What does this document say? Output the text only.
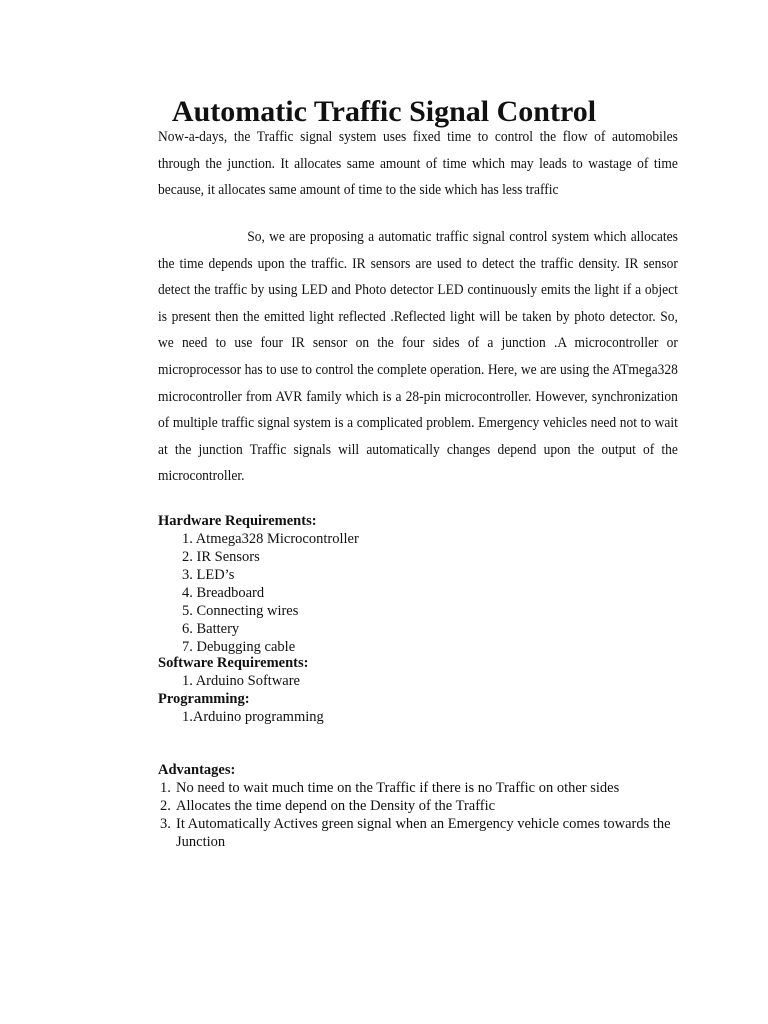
Automatic Traffic Signal Control

Now-a-days, the Traffic signal system uses fixed time to control the flow of automobiles through the junction. It allocates same amount of time which may leads to wastage of time because, it allocates same amount of time to the side which has less traffic

So, we are proposing a automatic traffic signal control system which allocates the time depends upon the traffic. IR sensors are used to detect the traffic density. IR sensor detect the traffic by using LED and Photo detector LED continuously emits the light if a object is present then the emitted light reflected .Reflected light will be taken by photo detector. So, we need to use four IR sensor on the four sides of a junction .A microcontroller or microprocessor has to use to control the complete operation. Here, we are using the ATmega328 microcontroller from AVR family which is a 28-pin microcontroller. However, synchronization of multiple traffic signal system is a complicated problem. Emergency vehicles need not to wait at the junction Traffic signals will automatically changes depend upon the output of the microcontroller.

Hardware Requirements:
1. Atmega328 Microcontroller
2. IR Sensors
3. LED’s
4. Breadboard
5. Connecting wires
6. Battery
7. Debugging cable
Software Requirements:
1. Arduino Software
Programming:
1.Arduino programming
Advantages:
1. No need to wait much time on the Traffic if there is no Traffic on other sides
2. Allocates the time depend on the Density of the Traffic
3. It Automatically Actives green signal when an Emergency vehicle comes towards the Junction
